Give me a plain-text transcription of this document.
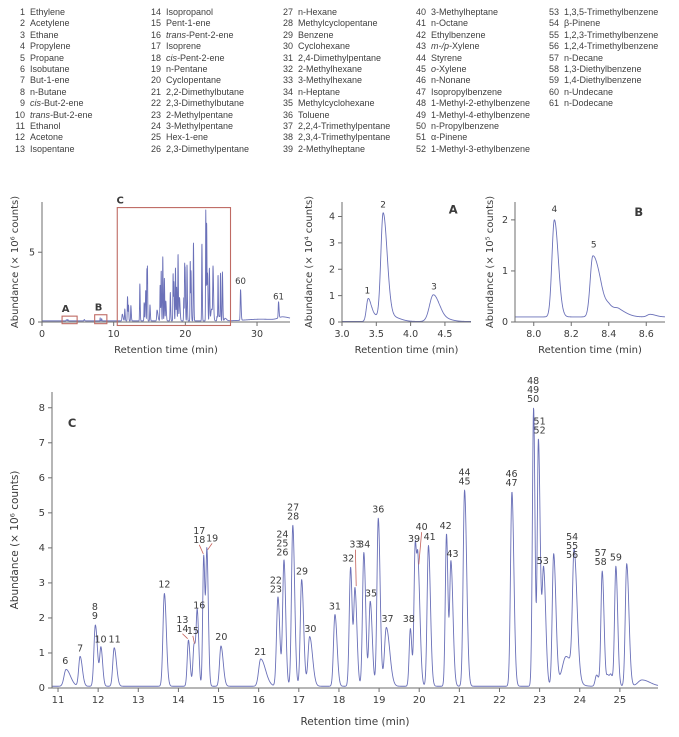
1 Ethylene
2 Acetylene
3 Ethane
4 Propylene
5 Propane
6 Isobutane
7 But-1-ene
8 n-Butane
9 cis-But-2-ene
10 trans-But-2-ene
11 Ethanol
12 Acetone
13 Isopentane
14 Isopropanol
15 Pent-1-ene
16 trans-Pent-2-ene
17 Isoprene
18 cis-Pent-2-ene
19 n-Pentane
20 Cyclopentane
21 2,2-Dimethylbutane
22 2,3-Dimethylbutane
23 2-Methylpentane
24 3-Methylpentane
25 Hex-1-ene
26 2,3-Dimethylpentane
27 n-Hexane
28 Methylcyclopentane
29 Benzene
30 Cyclohexane
31 2,4-Dimethylpentane
32 2-Methylhexane
33 3-Methylhexane
34 n-Heptane
35 Methylcyclohexane
36 Toluene
37 2,2,4-Trimethylpentane
38 2,3,4-Trimethylpentane
39 2-Methylheptane
40 3-Methylheptane
41 n-Octane
42 Ethylbenzene
43 m-/p-Xylene
44 Styrene
45 o-Xylene
46 n-Nonane
47 Isopropylbenzene
48 1-Methyl-2-ethylbenzene
49 1-Methyl-4-ethylbenzene
50 n-Propylbenzene
51 α-Pinene
52 1-Methyl-3-ethylbenzene
53 1,3,5-Trimethylbenzene
54 β-Pinene
55 1,2,3-Trimethylbenzene
56 1,2,4-Trimethylbenzene
57 n-Decane
58 1,3-Diethylbenzene
59 1,4-Diethylbenzene
60 n-Undecane
61 n-Dodecane
0	10	20	30
0
5
Retention time (min)
Abundance (× 10⁶ counts)	A	B
C
60
61
3.0 3.5 4.0 4.5
0
1
2
3
4
Retention time (min)
Abundance (× 10⁴ counts)	1
2
3
A
8.0 8.2 8.4 8.6
0
1
2
Retention time (min)
Abundance (× 10⁵ counts)	4
5
B
11	12	13	14	15	16	17	18	19	20	21	22	23	24	25
0
1
2
3
4
5
6
7
8
Retention time (min)
Abundance (× 10⁶ counts)
6
7
8
9
10 11
12
13
14
15
16
17
18 19
20
21
22
23
24
25
26
27
28
29
30
31
32
33
34
35
36
37 38
39
40
41
42
43
44
45
46
47
48
49
50
51
52
53
54
55
56 57
58 59
C
